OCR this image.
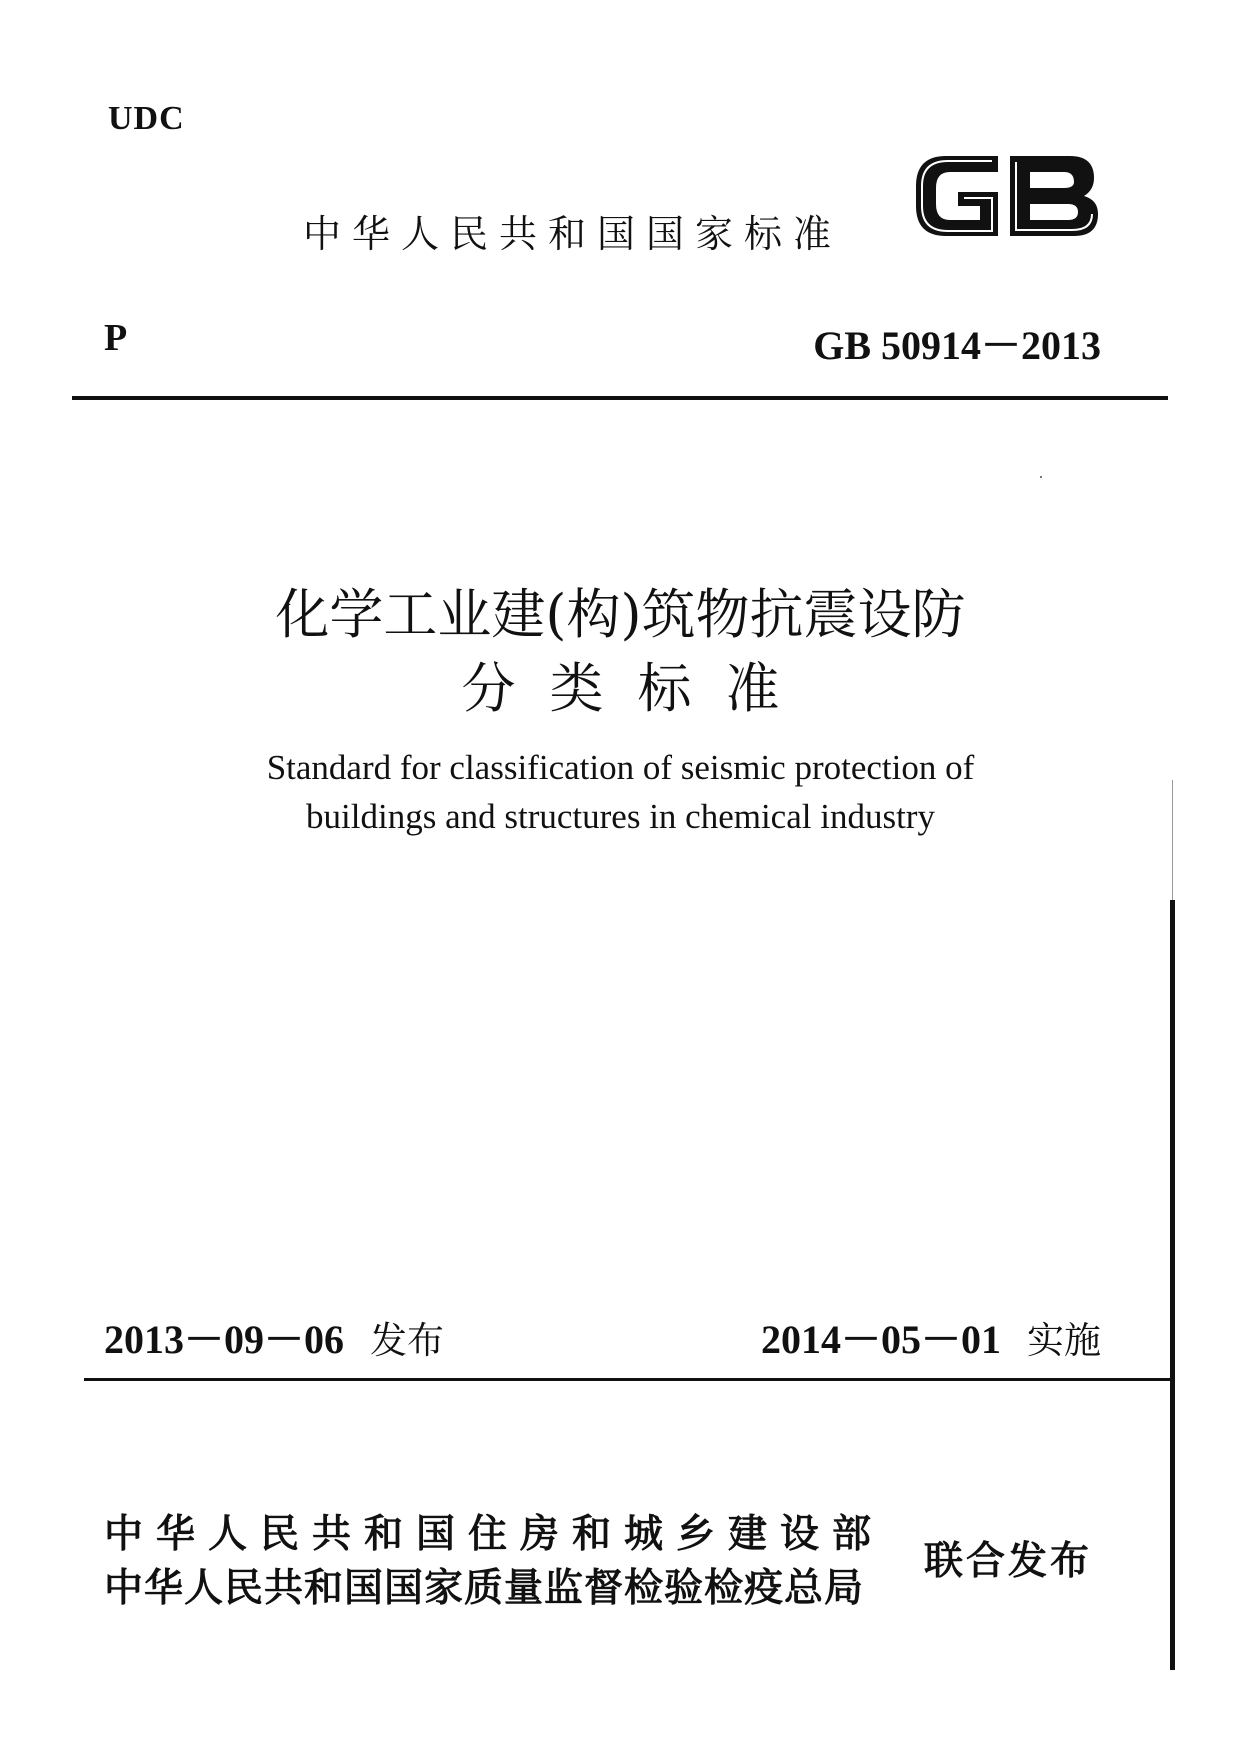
UDC
中华人民共和国国家标准
P	GB 50914－2013
化学工业建(构)筑物抗震设防
分类标准
Standard for classification of seismic protection of
buildings and structures in chemical industry
2013－09－06 发布	2014－05－01 实施
中华人民共和国住房和城乡建设部
中华人民共和国国家质量监督检验检疫总局
联合发布
